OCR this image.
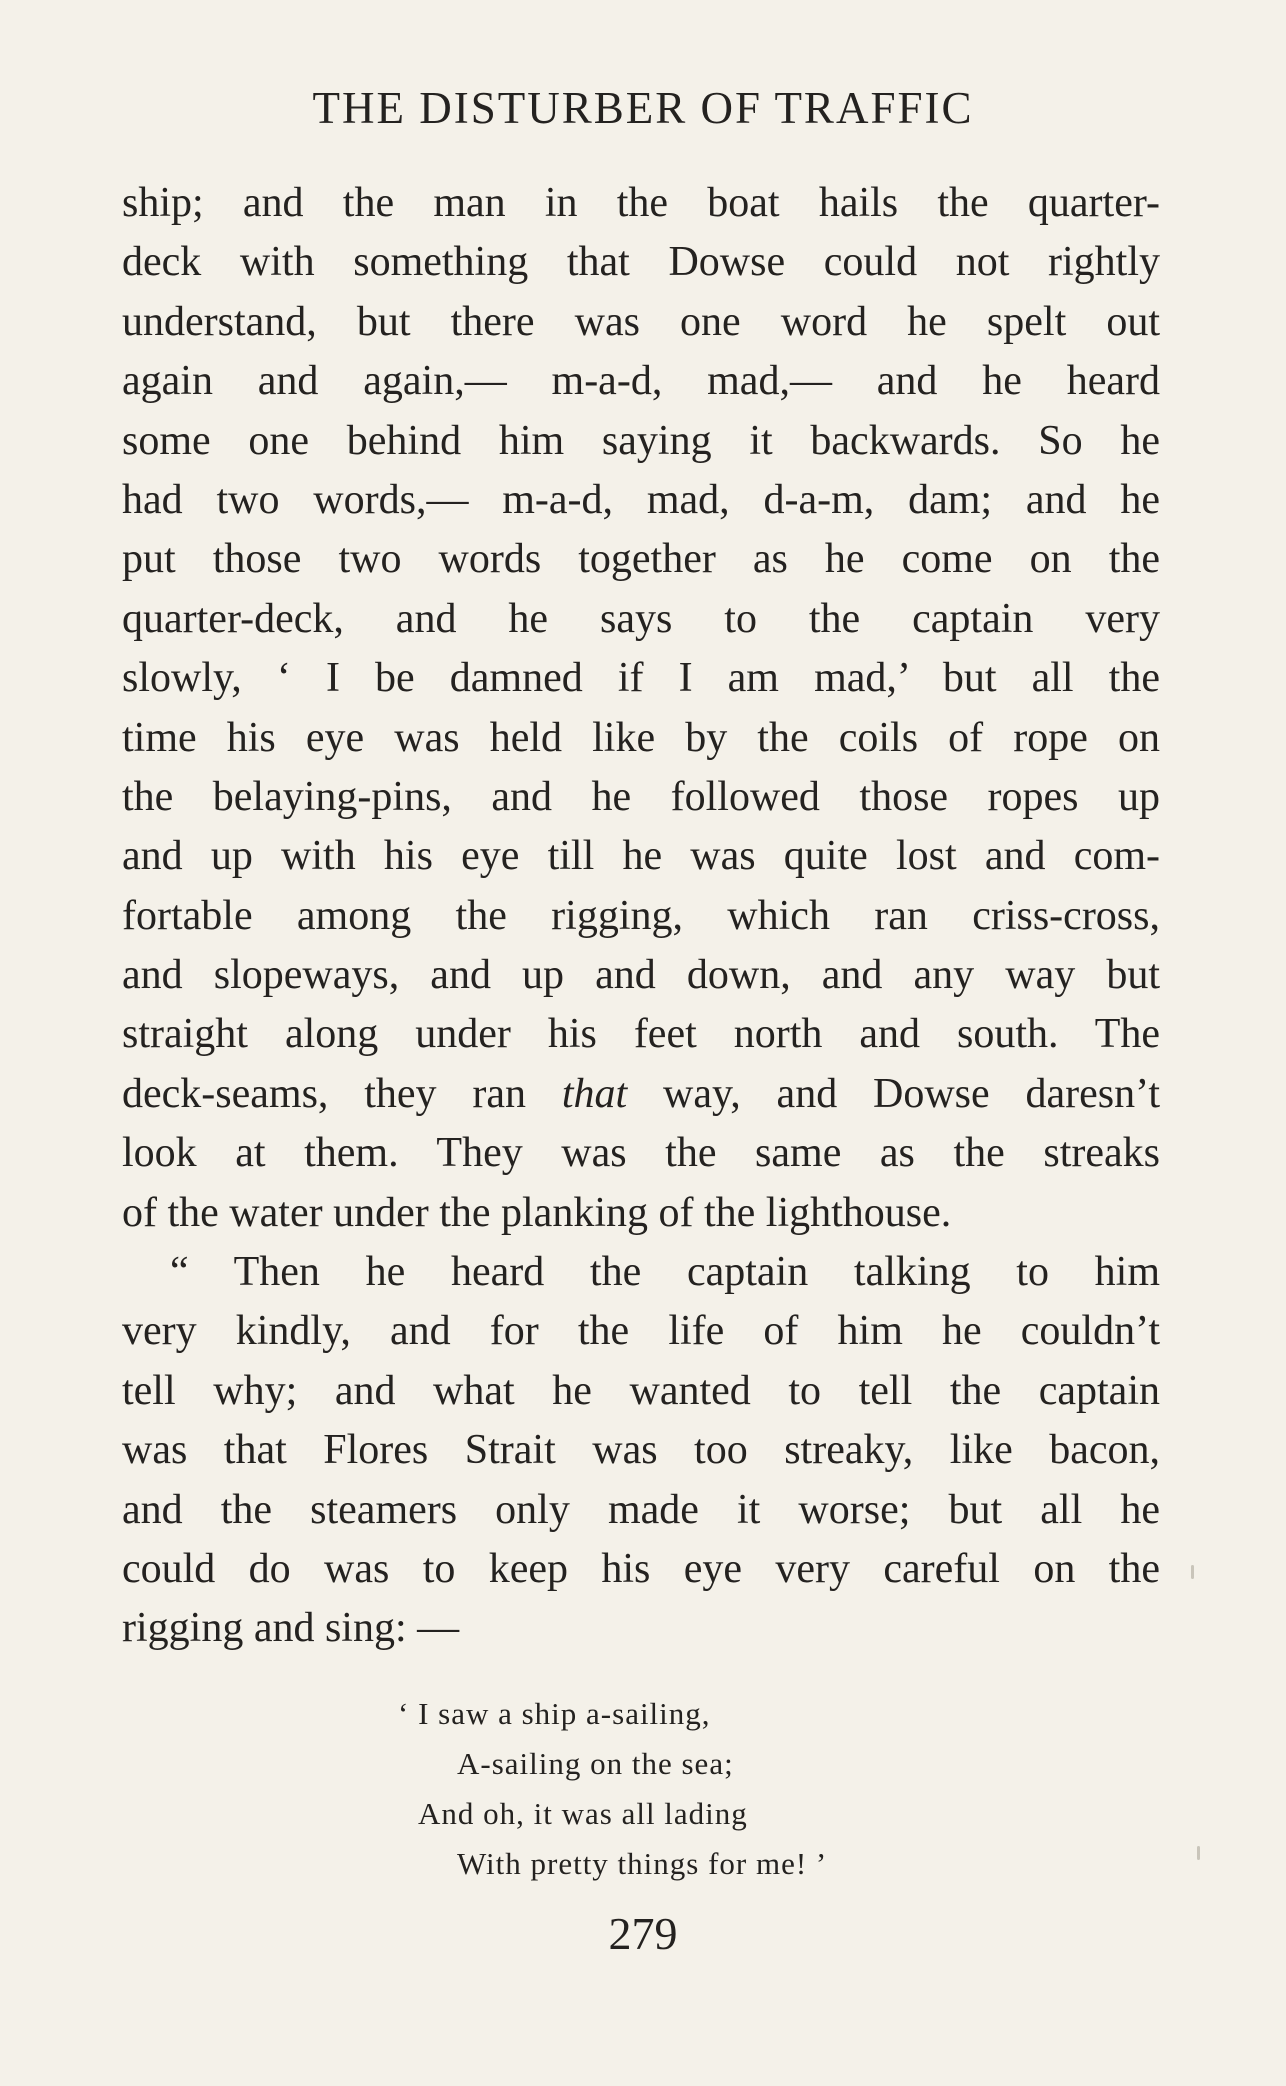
THE DISTURBER OF TRAFFIC
ship; and the man in the boat hails the quarter-
deck with something that Dowse could not rightly
understand, but there was one word he spelt out
again and again,— m-a-d, mad,— and he heard
some one behind him saying it backwards. So he
had two words,— m-a-d, mad, d-a-m, dam; and he
put those two words together as he come on the
quarter-deck, and he says to the captain very
slowly, ‘ I be damned if I am mad,’ but all the
time his eye was held like by the coils of rope on
the belaying-pins, and he followed those ropes up
and up with his eye till he was quite lost and com-
fortable among the rigging, which ran criss-cross,
and slopeways, and up and down, and any way but
straight along under his feet north and south. The
deck-seams, they ran that way, and Dowse daresn’t
look at them. They was the same as the streaks
of the water under the planking of the lighthouse.
“ Then he heard the captain talking to him
very kindly, and for the life of him he couldn’t
tell why; and what he wanted to tell the captain
was that Flores Strait was too streaky, like bacon,
and the steamers only made it worse; but all he
could do was to keep his eye very careful on the
rigging and sing: —
‘ I saw a ship a-sailing,
A-sailing on the sea;
And oh, it was all lading
With pretty things for me! ’
279
